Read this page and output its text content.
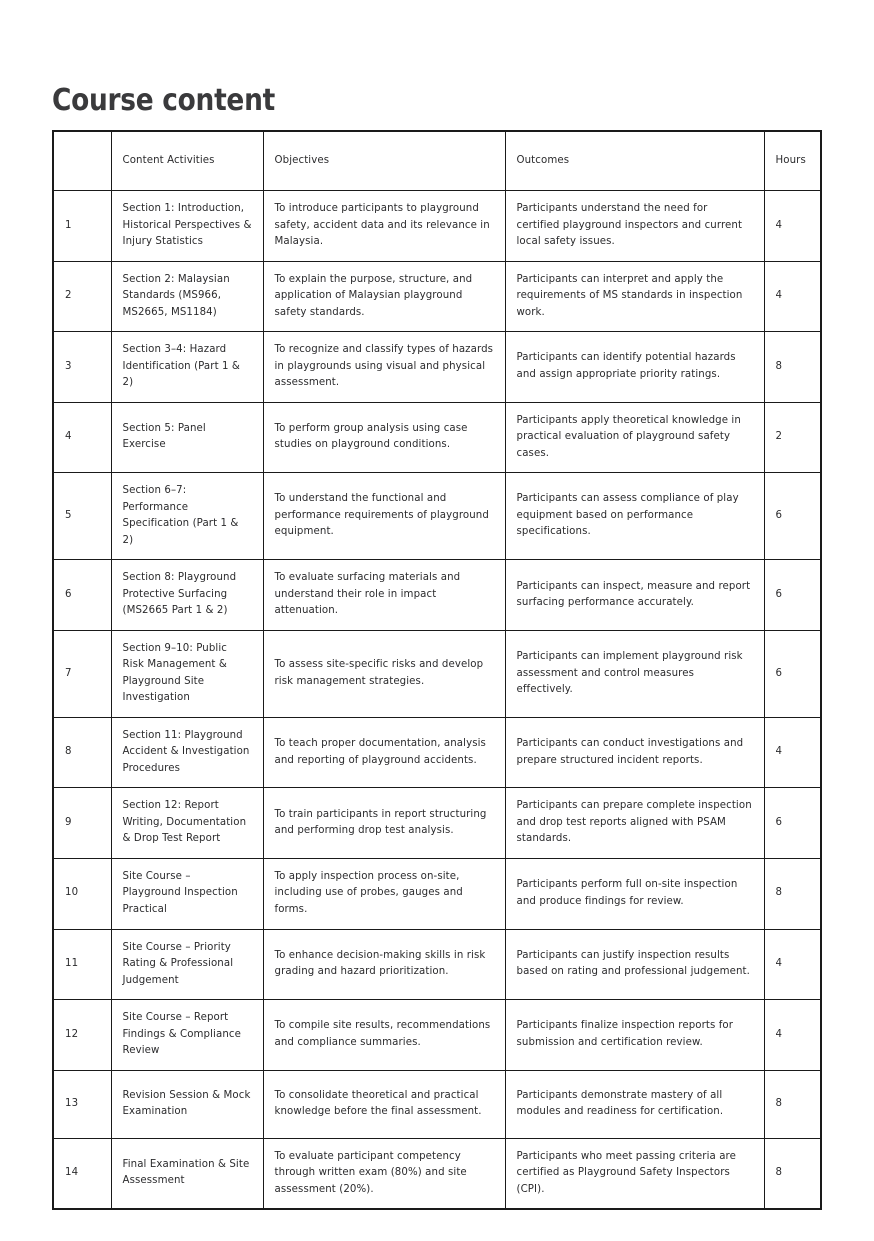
Course content
	Content Activities	Objectives	Outcomes	Hours
1	Section 1: Introduction, Historical Perspectives & Injury Statistics	To introduce participants to playground safety, accident data and its relevance in Malaysia.	Participants understand the need for certified playground inspectors and current local safety issues.	4
2	Section 2: Malaysian Standards (MS966, MS2665, MS1184)	To explain the purpose, structure, and application of Malaysian playground safety standards.	Participants can interpret and apply the requirements of MS standards in inspection work.	4
3	Section 3–4: Hazard Identification (Part 1 & 2)	To recognize and classify types of hazards in playgrounds using visual and physical assessment.	Participants can identify potential hazards and assign appropriate priority ratings.	8
4	Section 5: Panel Exercise	To perform group analysis using case studies on playground conditions.	Participants apply theoretical knowledge in practical evaluation of playground safety cases.	2
5	Section 6–7: Performance Specification (Part 1 & 2)	To understand the functional and performance requirements of playground equipment.	Participants can assess compliance of play equipment based on performance specifications.	6
6	Section 8: Playground Protective Surfacing (MS2665 Part 1 & 2)	To evaluate surfacing materials and understand their role in impact attenuation.	Participants can inspect, measure and report surfacing performance accurately.	6
7	Section 9–10: Public Risk Management & Playground Site Investigation	To assess site-specific risks and develop risk management strategies.	Participants can implement playground risk assessment and control measures effectively.	6
8	Section 11: Playground Accident & Investigation Procedures	To teach proper documentation, analysis and reporting of playground accidents.	Participants can conduct investigations and prepare structured incident reports.	4
9	Section 12: Report Writing, Documentation & Drop Test Report	To train participants in report structuring and performing drop test analysis.	Participants can prepare complete inspection and drop test reports aligned with PSAM standards.	6
10	Site Course – Playground Inspection Practical	To apply inspection process on-site, including use of probes, gauges and forms.	Participants perform full on-site inspection and produce findings for review.	8
11	Site Course – Priority Rating & Professional Judgement	To enhance decision-making skills in risk grading and hazard prioritization.	Participants can justify inspection results based on rating and professional judgement.	4
12	Site Course – Report Findings & Compliance Review	To compile site results, recommendations and compliance summaries.	Participants finalize inspection reports for submission and certification review.	4
13	Revision Session & Mock Examination	To consolidate theoretical and practical knowledge before the final assessment.	Participants demonstrate mastery of all modules and readiness for certification.	8
14	Final Examination & Site Assessment	To evaluate participant competency through written exam (80%) and site assessment (20%).	Participants who meet passing criteria are certified as Playground Safety Inspectors (CPI).	8
